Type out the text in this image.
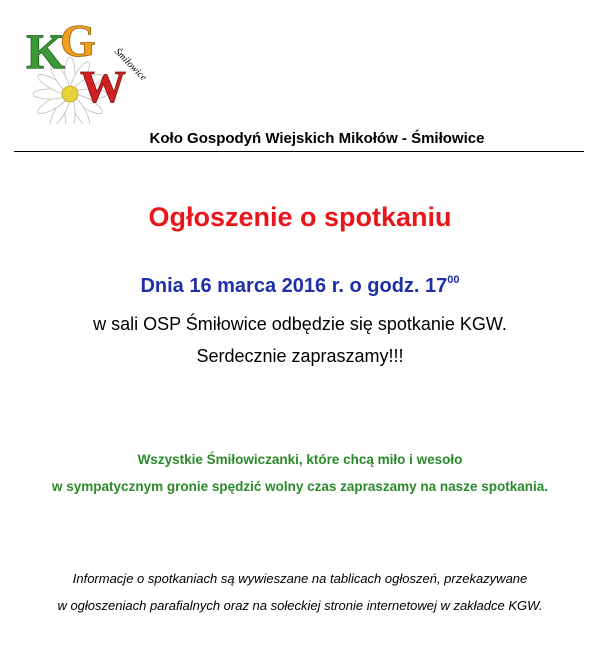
K
G
W
Śmiłowice
Koło Gospodyń Wiejskich Mikołów - Śmiłowice
Ogłoszenie o spotkaniu
Dnia 16 marca 2016 r. o godz. $17^{00}$
w sali OSP Śmiłowice odbędzie się spotkanie KGW.
Serdecznie zapraszamy!!!
Wszystkie Śmiłowiczanki, które chcą miło i wesoło
w sympatycznym gronie spędzić wolny czas zapraszamy na nasze spotkania.
Informacje o spotkaniach są wywieszane na tablicach ogłoszeń, przekazywane
w ogłoszeniach parafialnych oraz na sołeckiej stronie internetowej w zakładce KGW.
